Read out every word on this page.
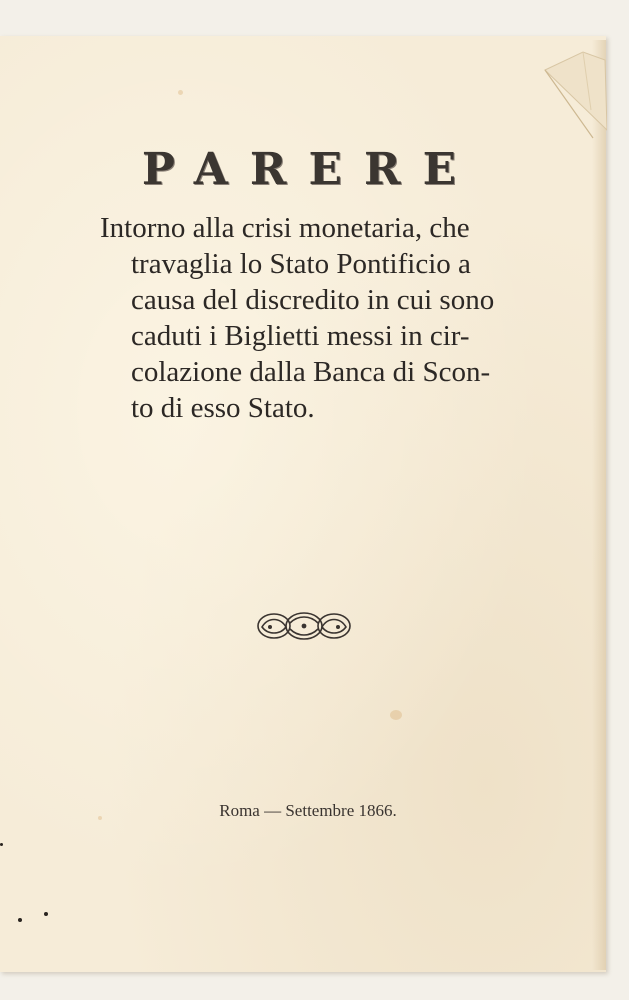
PARERE
Intorno alla crisi monetaria, che
travaglia lo Stato Pontificio a
causa del discredito in cui sono
caduti i Biglietti messi in cir-
colazione dalla Banca di Scon-
to di esso Stato.
Roma — Settembre 1866.
